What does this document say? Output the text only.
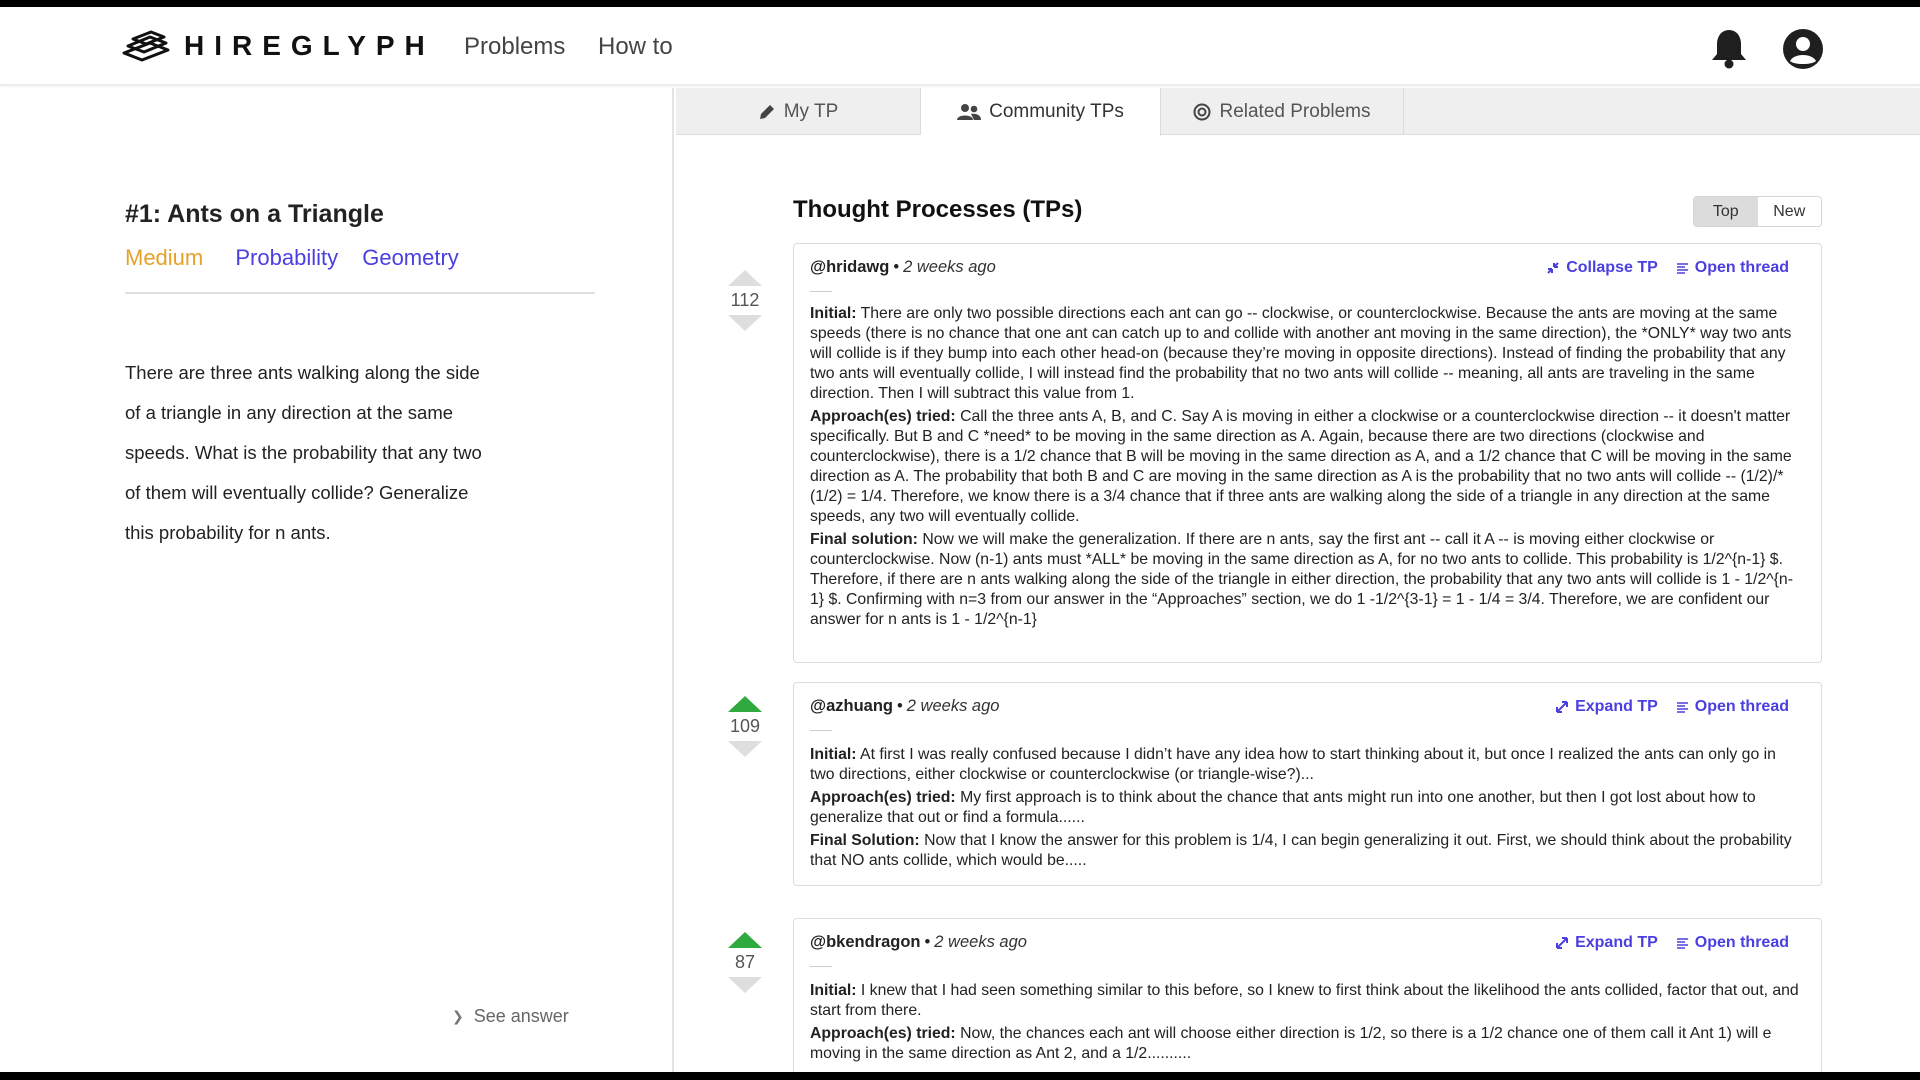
HIREGLYPH Problems How to
#1: Ants on a Triangle
Medium Probability Geometry
There are three ants walking along the side
of a triangle in any direction at the same
speeds. What is the probability that any two
of them will eventually collide? Generalize
this probability for n ants.
❯ See answer
My TP	Community TPs	Related Problems
Thought Processes (TPs)	Top	New
112
@hridawg • 2 weeks ago	Collapse TP Open thread

Initial: There are only two possible directions each ant can go -- clockwise, or counterclockwise. Because the ants are moving at the same speeds (there is no chance that one ant can catch up to and collide with another ant moving in the same direction), the *ONLY* way two ants will collide is if they bump into each other head-on (because they’re moving in opposite directions). Instead of finding the probability that any two ants will eventually collide, I will instead find the probability that no two ants will collide -- meaning, all ants are traveling in the same direction. Then I will subtract this value from 1.

Approach(es) tried: Call the three ants A, B, and C. Say A is moving in either a clockwise or a counterclockwise direction -- it doesn't matter specifically. But B and C *need* to be moving in the same direction as A. Again, because there are two directions (clockwise and counterclockwise), there is a 1/2 chance that B will be moving in the same direction as A, and a 1/2 chance that C will be moving in the same direction as A. The probability that both B and C are moving in the same direction as A is the probability that no two ants will collide -- (1/2)/*(1/2) = 1/4. Therefore, we know there is a 3/4 chance that if three ants are walking along the side of a triangle in any direction at the same speeds, any two will eventually collide.

Final solution: Now we will make the generalization. If there are n ants, say the first ant -- call it A -- is moving either clockwise or counterclockwise. Now (n-1) ants must *ALL* be moving in the same direction as A, for no two ants to collide. This probability is 1/2^{n-1} $. Therefore, if there are n ants walking along the side of the triangle in either direction, the probability that any two ants will collide is 1 - 1/2^{n-1} $. Confirming with n=3 from our answer in the “Approaches” section, we do 1 -1/2^{3-1} = 1 - 1/4 = 3/4. Therefore, we are confident our answer for n ants is 1 - 1/2^{n-1}

109
@azhuang • 2 weeks ago	Expand TP Open thread

Initial: At first I was really confused because I didn’t have any idea how to start thinking about it, but once I realized the ants can only go in two directions, either clockwise or counterclockwise (or triangle-wise?)...

Approach(es) tried: My first approach is to think about the chance that ants might run into one another, but then I got lost about how to generalize that out or find a formula......

Final Solution: Now that I know the answer for this problem is 1/4, I can begin generalizing it out. First, we should think about the probability that NO ants collide, which would be.....

87
@bkendragon • 2 weeks ago	Expand TP Open thread

Initial: I knew that I had seen something similar to this before, so I knew to first think about the likelihood the ants collided, factor that out, and start from there.

Approach(es) tried: Now, the chances each ant will choose either direction is 1/2, so there is a 1/2 chance one of them call it Ant 1) will e moving in the same direction as Ant 2, and a 1/2..........
